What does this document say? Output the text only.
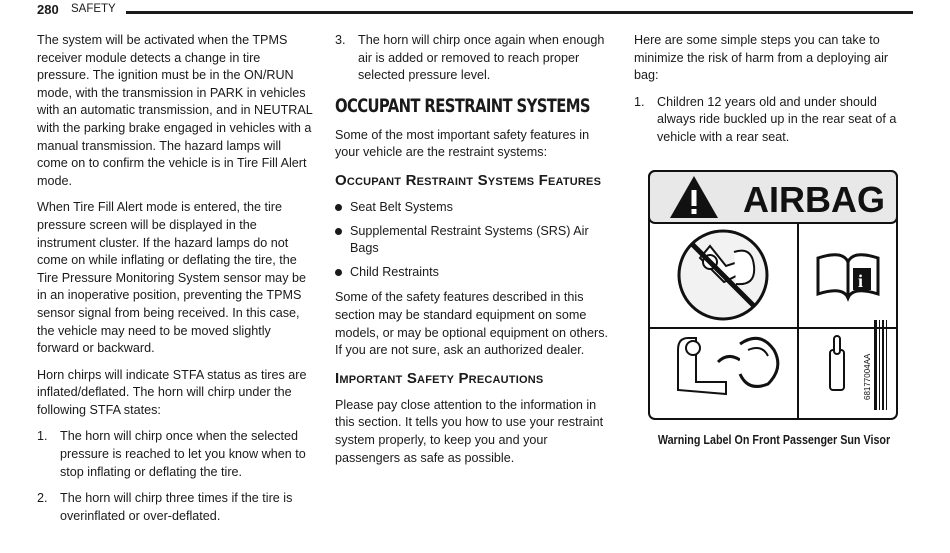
280 SAFETY

The system will be activated when the TPMS receiver module detects a change in tire pressure. The ignition must be in the ON/RUN mode, with the transmission in PARK in vehicles with an automatic transmission, and in NEUTRAL with the parking brake engaged in vehicles with a manual transmission. The hazard lamps will come on to confirm the vehicle is in Tire Fill Alert mode.

When Tire Fill Alert mode is entered, the tire pressure screen will be displayed in the instrument cluster. If the hazard lamps do not come on while inflating or deflating the tire, the Tire Pressure Monitoring System sensor may be in an inoperative position, preventing the TPMS sensor signal from being received. In this case, the vehicle may need to be moved slightly forward or backward.

Horn chirps will indicate STFA status as tires are inflated/deflated. The horn will chirp under the following STFA states:

1. The horn will chirp once when the selected pressure is reached to let you know when to stop inflating or deflating the tire.
2. The horn will chirp three times if the tire is overinflated or over-deflated.
3. The horn will chirp once again when enough air is added or removed to reach proper selected pressure level.
OCCUPANT RESTRAINT SYSTEMS

Some of the most important safety features in your vehicle are the restraint systems:

Occupant Restraint Systems Features
Seat Belt Systems
Supplemental Restraint Systems (SRS) Air Bags
Child Restraints

Some of the safety features described in this section may be standard equipment on some models, or may be optional equipment on others. If you are not sure, ask an authorized dealer.

Important Safety Precautions

Please pay close attention to the information in this section. It tells you how to use your restraint system properly, to keep you and your passengers as safe as possible.

Here are some simple steps you can take to minimize the risk of harm from a deploying air bag:

1. Children 12 years old and under should always ride buckled up in the rear seat of a vehicle with a rear seat.
AIRBAG
i
68177004AA
Warning Label On Front Passenger Sun Visor
